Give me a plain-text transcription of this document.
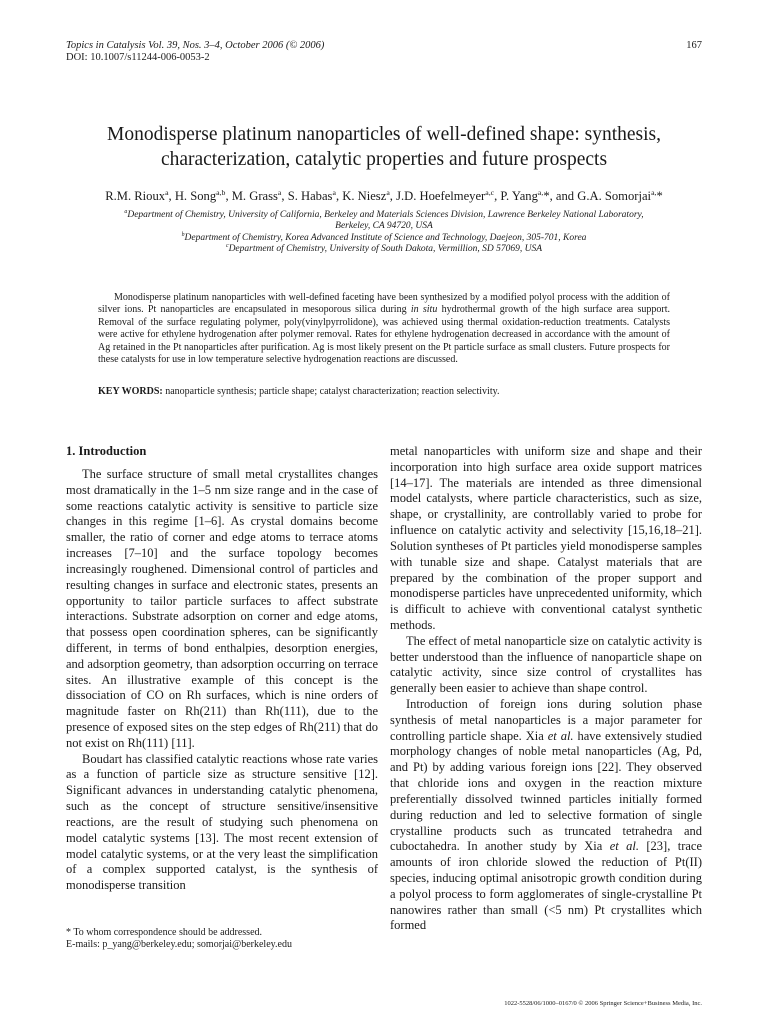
Topics in Catalysis Vol. 39, Nos. 3–4, October 2006 (© 2006)
DOI: 10.1007/s11244-006-0053-2
167
Monodisperse platinum nanoparticles of well-defined shape: synthesis,
characterization, catalytic properties and future prospects
R.M. Rioux$^a$, H. Song$^{a,b}$, M. Grass$^a$, S. Habas$^a$, K. Niesz$^a$, J.D. Hoefelmeyer$^{a,c}$, P. Yang$^{a,}$*, and G.A. Somorjai$^{a,}$*
$^a$Department of Chemistry, University of California, Berkeley and Materials Sciences Division, Lawrence Berkeley National Laboratory,
Berkeley, CA 94720, USA
$^b$Department of Chemistry, Korea Advanced Institute of Science and Technology, Daejeon, 305-701, Korea
$^c$Department of Chemistry, University of South Dakota, Vermillion, SD 57069, USA
Monodisperse platinum nanoparticles with well-defined faceting have been synthesized by a modified polyol process with the addition of silver ions. Pt nanoparticles are encapsulated in mesoporous silica during in situ hydrothermal growth of the high surface area support. Removal of the surface regulating polymer, poly(vinylpyrrolidone), was achieved using thermal oxidation-reduction treatments. Catalysts were active for ethylene hydrogenation after polymer removal. Rates for ethylene hydrogenation decreased in accordance with the amount of Ag retained in the Pt nanoparticles after purification. Ag is most likely present on the Pt particle surface as small clusters. Future prospects for these catalysts for use in low temperature selective hydrogenation reactions are discussed.
KEY WORDS: nanoparticle synthesis; particle shape; catalyst characterization; reaction selectivity.
1. Introduction

The surface structure of small metal crystallites changes most dramatically in the 1–5 nm size range and in the case of some reactions catalytic activity is sensitive to particle size changes in this regime [1–6]. As crystal domains become smaller, the ratio of corner and edge atoms to terrace atoms increases [7–10] and the surface topology becomes increasingly roughened. Dimensional control of particles and resulting changes in surface and electronic states, presents an opportunity to tailor particle surfaces to affect substrate interactions. Substrate adsorption on corner and edge atoms, that possess open coordination spheres, can be significantly different, in terms of bond enthalpies, desorption energies, and adsorption geometry, than adsorption occurring on terrace sites. An illustrative example of this concept is the dissociation of CO on Rh surfaces, which is nine orders of magnitude faster on Rh(211) than Rh(111), due to the presence of exposed sites on the step edges of Rh(211) that do not exist on Rh(111) [11].

Boudart has classified catalytic reactions whose rate varies as a function of particle size as structure sensitive [12]. Significant advances in understanding catalytic phenomena, such as the concept of structure sensitive/insensitive reactions, are the result of studying such phenomena on model catalytic systems [13]. The most recent extension of model catalytic systems, or at the very least the simplification of a complex supported catalyst, is the synthesis of monodisperse transition

metal nanoparticles with uniform size and shape and their incorporation into high surface area oxide support matrices [14–17]. The materials are intended as three dimensional model catalysts, where particle characteristics, such as size, shape, or crystallinity, are controllably varied to probe for influence on catalytic activity and selectivity [15,16,18–21]. Solution syntheses of Pt particles yield monodisperse samples with tunable size and shape. Catalyst materials that are prepared by the combination of the proper support and monodisperse particles have unprecedented uniformity, which is difficult to achieve with conventional catalyst synthetic methods.

The effect of metal nanoparticle size on catalytic activity is better understood than the influence of nanoparticle shape on catalytic activity, since size control of crystallites has generally been easier to achieve than shape control.

Introduction of foreign ions during solution phase synthesis of metal nanoparticles is a major parameter for controlling particle shape. Xia et al. have extensively studied morphology changes of noble metal nanoparticles (Ag, Pd, and Pt) by adding various foreign ions [22]. They observed that chloride ions and oxygen in the reaction mixture preferentially dissolved twinned particles initially formed during reduction and led to selective formation of single crystalline products such as truncated tetrahedra and cuboctahedra. In another study by Xia et al. [23], trace amounts of iron chloride slowed the reduction of Pt(II) species, inducing optimal anisotropic growth condition during a polyol process to form agglomerates of single-crystalline Pt nanowires rather than small (<5 nm) Pt crystallites which formed

* To whom correspondence should be addressed.
E-mails: p_yang@berkeley.edu; somorjai@berkeley.edu
1022-5528/06/1000–0167/0 © 2006 Springer Science+Business Media, Inc.
